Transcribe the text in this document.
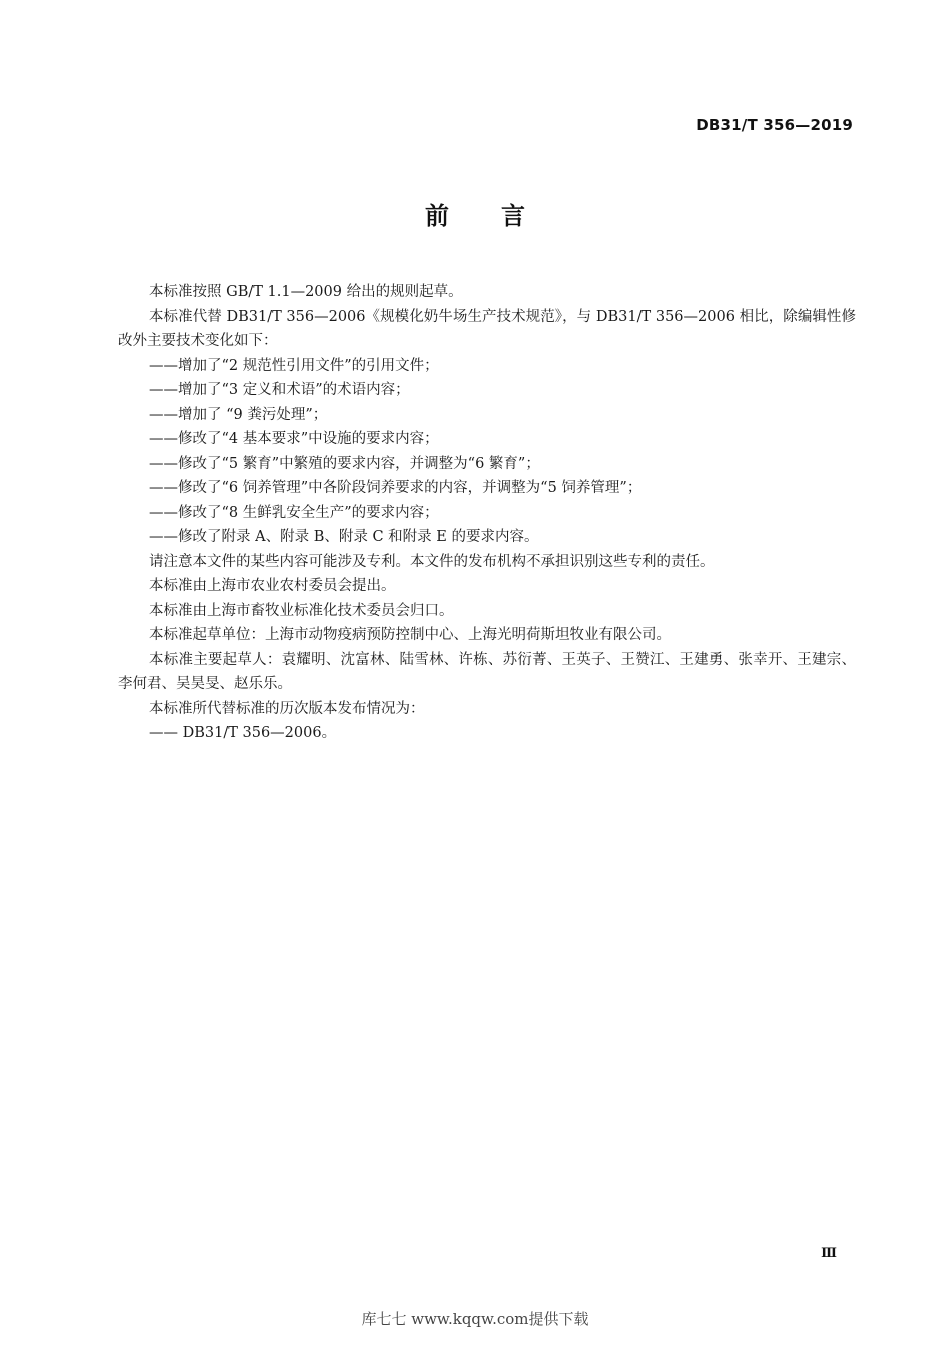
DB31/T 356—2019
前言

本标准按照 GB/T 1.1—2009 给出的规则起草。

本标准代替 DB31/T 356—2006《规模化奶牛场生产技术规范》，与 DB31/T 356—2006 相比，除编辑性修改外主要技术变化如下：

——增加了“2 规范性引用文件”的引用文件；

——增加了“3 定义和术语”的术语内容；

——增加了 “9 粪污处理”；

——修改了“4 基本要求”中设施的要求内容；

——修改了“5 繁育”中繁殖的要求内容，并调整为“6 繁育”；

——修改了“6 饲养管理”中各阶段饲养要求的内容，并调整为“5 饲养管理”；

——修改了“8 生鲜乳安全生产”的要求内容；

——修改了附录 A、附录 B、附录 C 和附录 E 的要求内容。

请注意本文件的某些内容可能涉及专利。本文件的发布机构不承担识别这些专利的责任。

本标准由上海市农业农村委员会提出。

本标准由上海市畜牧业标准化技术委员会归口。

本标准起草单位：上海市动物疫病预防控制中心、上海光明荷斯坦牧业有限公司。

本标准主要起草人：袁耀明、沈富林、陆雪林、许栋、苏衍菁、王英子、王赞江、王建勇、张幸开、王建宗、李何君、吴昊旻、赵乐乐。

本标准所代替标准的历次版本发布情况为：

—— DB31/T 356—2006。

Ⅲ
库七七 www.kqqw.com提供下载
